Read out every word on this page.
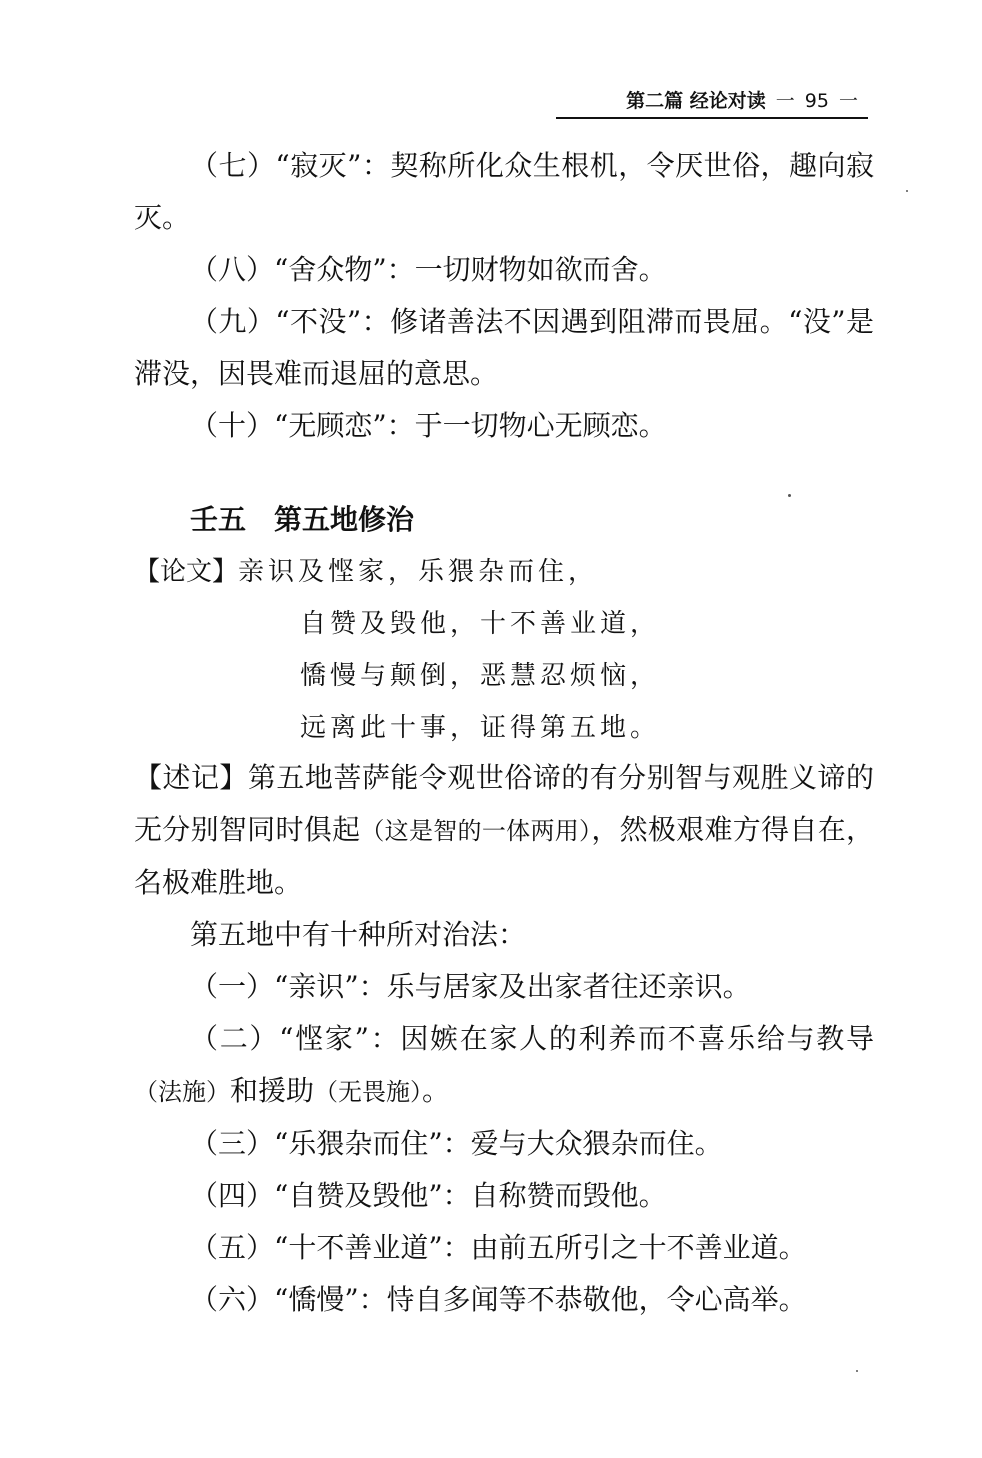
第二篇 经论对读 一 95 一

（七）“寂灭”：契称所化众生根机，令厌世俗，趣向寂灭。

（八）“舍众物”：一切财物如欲而舍。

（九）“不没”：修诸善法不因遇到阻滞而畏屈。“没”是滞没，因畏难而退屈的意思。

（十）“无顾恋”：于一切物心无顾恋。

壬五 第五地修治

【论文】亲识及悭家，乐猥杂而住，

自赞及毁他，十不善业道，

憍慢与颠倒，恶慧忍烦恼，

远离此十事，证得第五地。

【述记】第五地菩萨能令观世俗谛的有分别智与观胜义谛的无分别智同时俱起（这是智的一体两用），然极艰难方得自在，名极难胜地。

第五地中有十种所对治法：

（一）“亲识”：乐与居家及出家者往还亲识。

（二）“悭家”：因嫉在家人的利养而不喜乐给与教导（法施）和援助（无畏施）。

（三）“乐猥杂而住”：爱与大众猥杂而住。

（四）“自赞及毁他”：自称赞而毁他。

（五）“十不善业道”：由前五所引之十不善业道。

（六）“憍慢”：恃自多闻等不恭敬他，令心高举。
